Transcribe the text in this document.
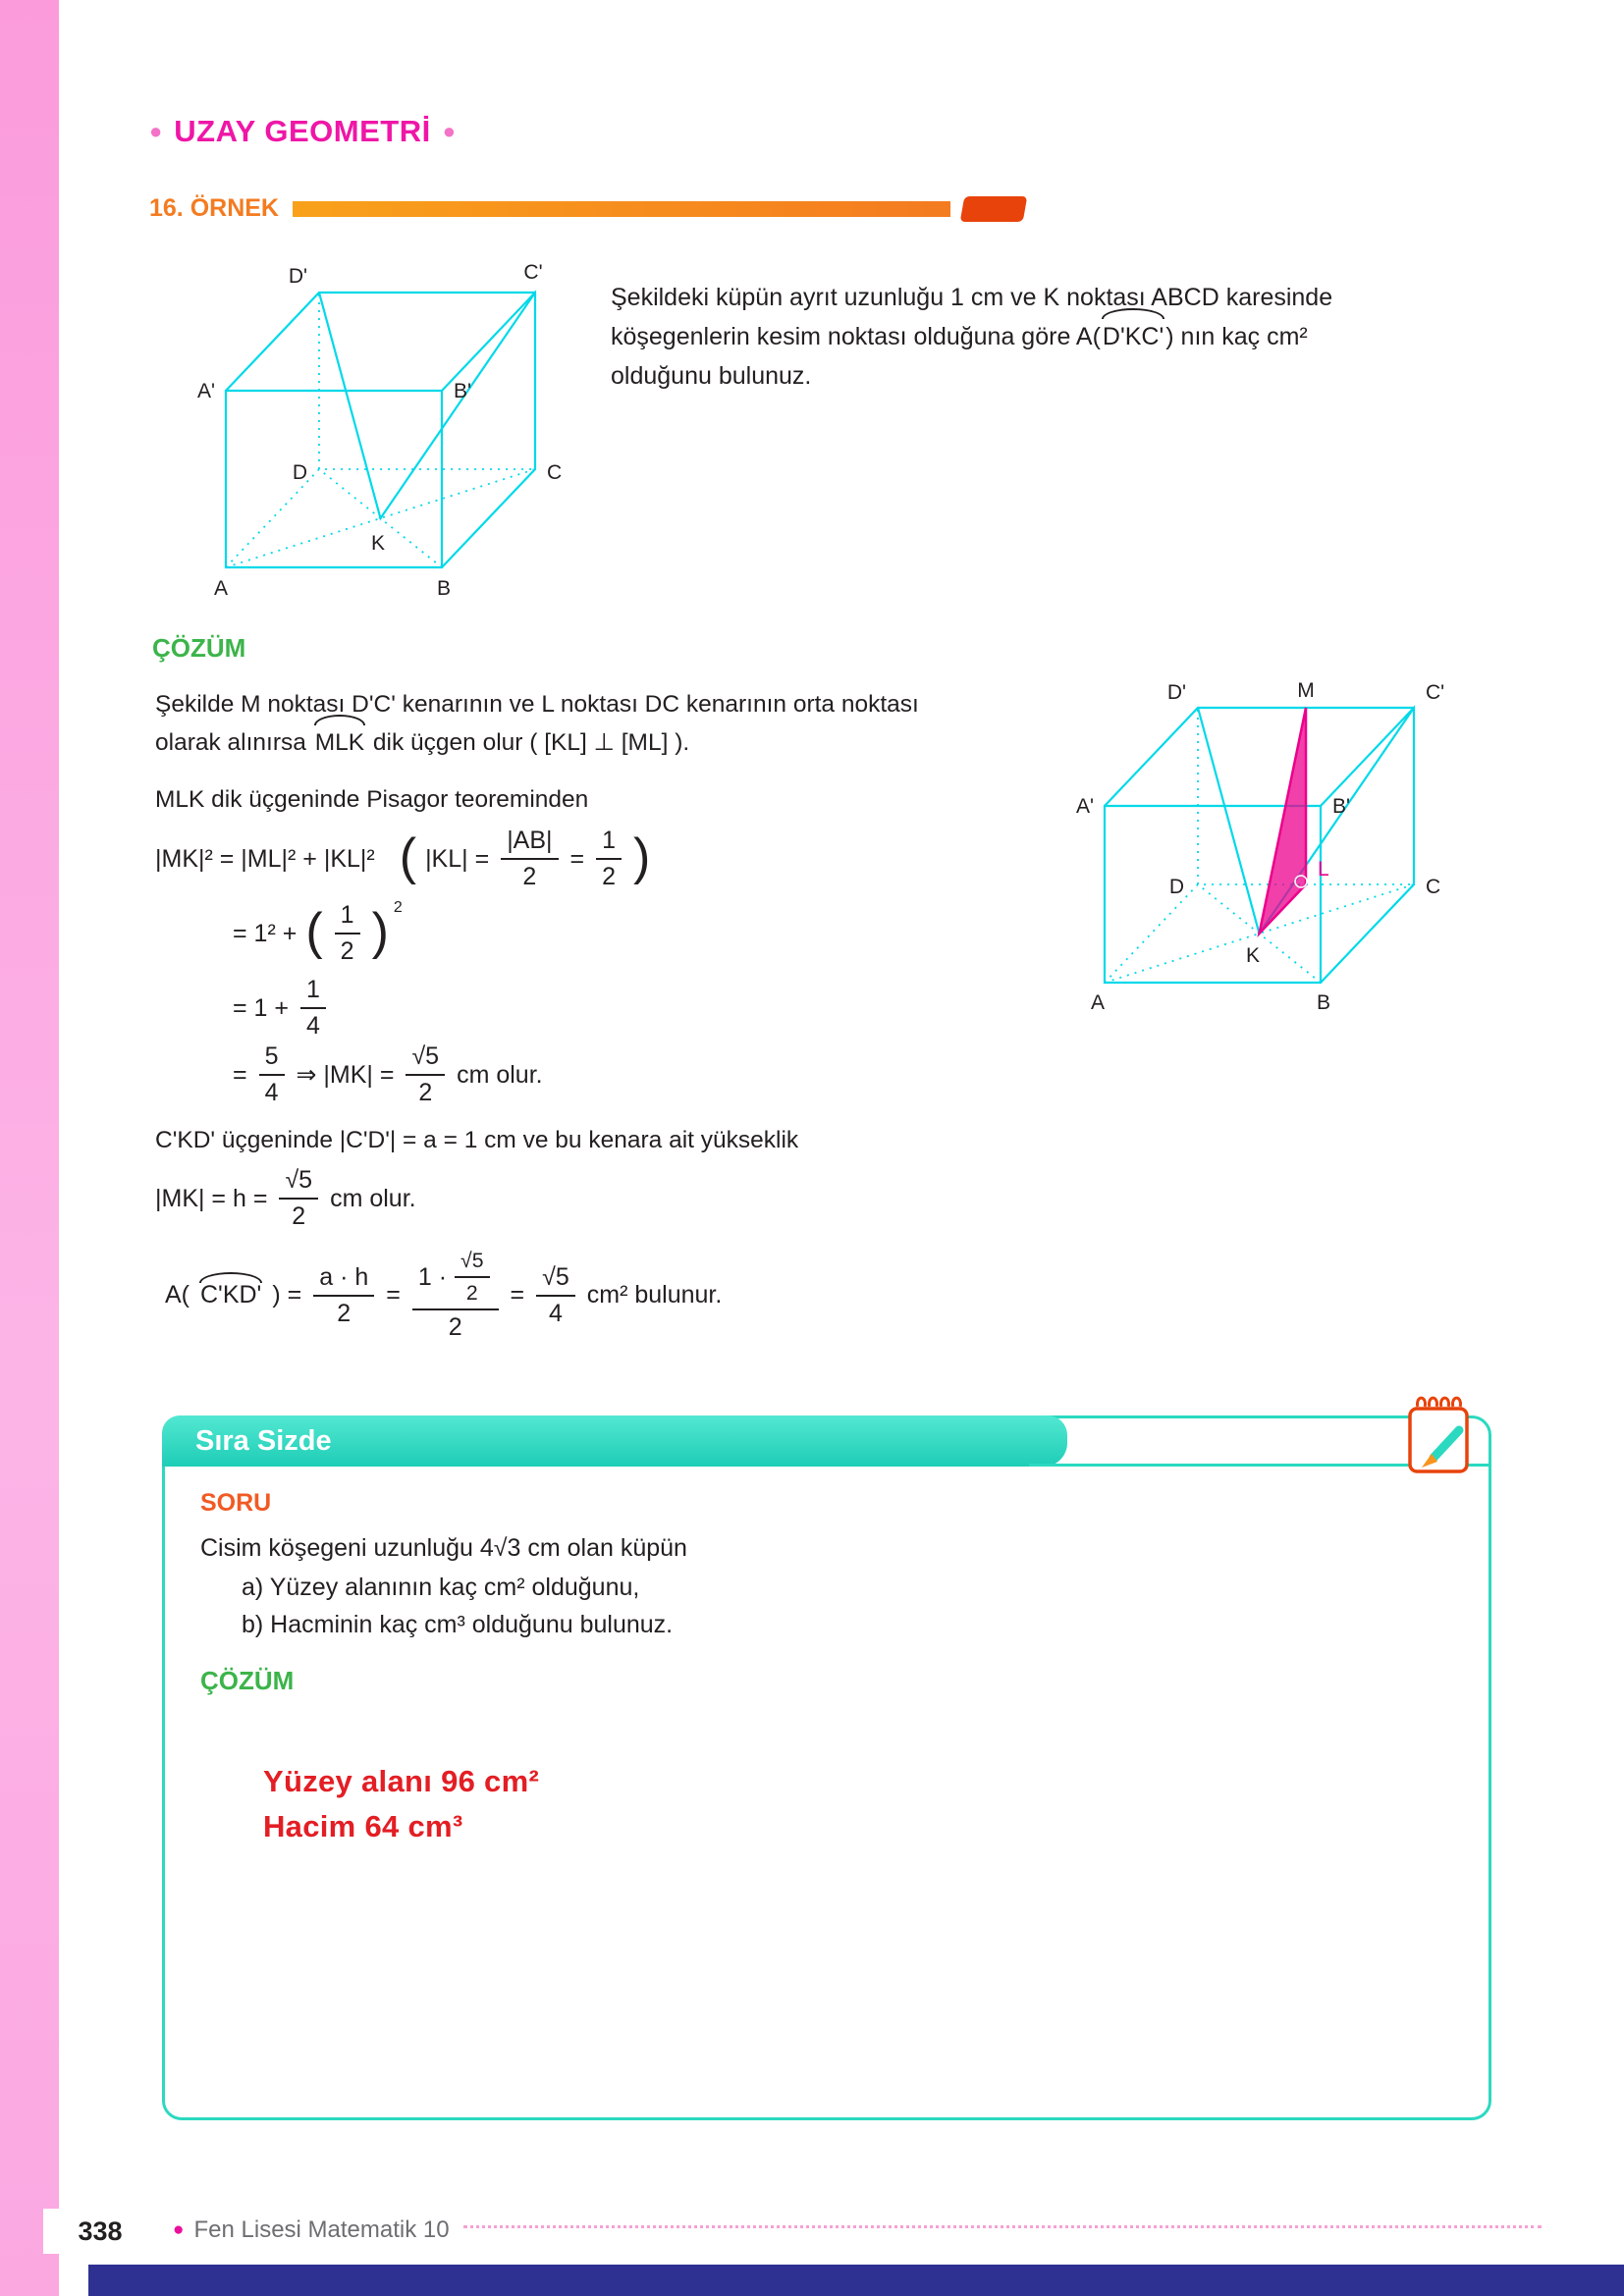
● UZAY GEOMETRİ ●
16. ÖRNEK
D'	C'
A'	B'
D	C
K
A	B
Şekildeki küpün ayrıt uzunluğu 1 cm ve K noktası ABCD karesinde
köşegenlerin kesim noktası olduğuna göre A(D'KC') nın kaç cm²
olduğunu bulunuz.
ÇÖZÜM
Şekilde M noktası D'C' kenarının ve L noktası DC kenarının orta noktası
olarak alınırsa MLK dik üçgen olur ( [KL] ⊥ [ML] ).
MLK dik üçgeninde Pisagor teoreminden
|MK|² = |ML|² + |KL|² ( $|KL| = \frac{|AB|}{2} = \frac{1}{2}$ )
= 1² + ( $\frac{1}{2}$ ) 2
= $1 + \frac{1}{4}$
= $\frac{5}{4}$ ⇒ $|MK| = \frac{√5}{2}$ cm olur.
D'	M	C'
A'	B'
D	C
L
K
A	B
C'KD' üçgeninde |C'D'| = a = 1 cm ve bu kenara ait yükseklik
$|MK| = h = \frac{√5}{2}$ cm olur.
A( C'KD' ) = $\frac{a \cdot h}{2} = \frac{1 \cdot \frac{√5}{2}}{2} = \frac{√5}{4} cm^2$ bulunur.
Sıra Sizde
SORU
Cisim köşegeni uzunluğu 4√3 cm olan küpün
a) Yüzey alanının kaç cm² olduğunu,
b) Hacminin kaç cm³ olduğunu bulunuz.
ÇÖZÜM
Yüzey alanı 96 cm²
Hacim 64 cm³
338	● Fen Lisesi Matematik 10
